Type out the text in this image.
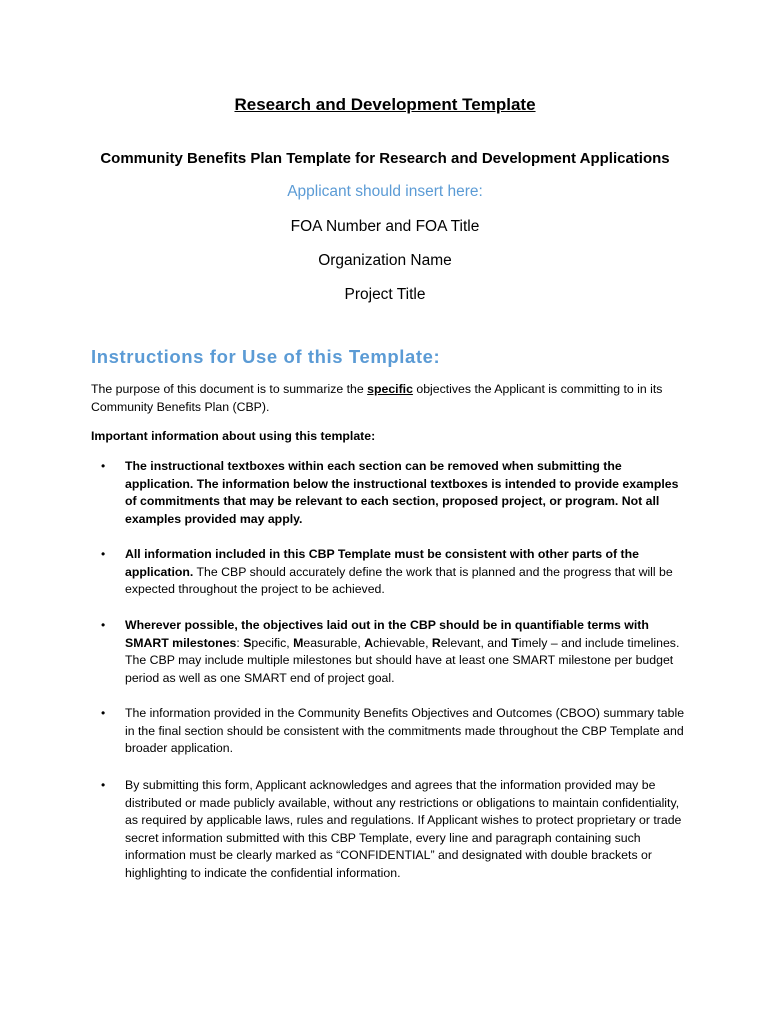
Research and Development Template
Community Benefits Plan Template for Research and Development Applications
Applicant should insert here:
FOA Number and FOA Title
Organization Name
Project Title
Instructions for Use of this Template:
The purpose of this document is to summarize the specific objectives the Applicant is committing to in its Community Benefits Plan (CBP).
Important information about using this template:
•	The instructional textboxes within each section can be removed when submitting the application. The information below the instructional textboxes is intended to provide examples of commitments that may be relevant to each section, proposed project, or program. Not all examples provided may apply.
•	All information included in this CBP Template must be consistent with other parts of the application. The CBP should accurately define the work that is planned and the progress that will be expected throughout the project to be achieved.
•	Wherever possible, the objectives laid out in the CBP should be in quantifiable terms with SMART milestones: Specific, Measurable, Achievable, Relevant, and Timely – and include timelines. The CBP may include multiple milestones but should have at least one SMART milestone per budget period as well as one SMART end of project goal.
•	The information provided in the Community Benefits Objectives and Outcomes (CBOO) summary table in the final section should be consistent with the commitments made throughout the CBP Template and broader application.
•	By submitting this form, Applicant acknowledges and agrees that the information provided may be distributed or made publicly available, without any restrictions or obligations to maintain confidentiality, as required by applicable laws, rules and regulations. If Applicant wishes to protect proprietary or trade secret information submitted with this CBP Template, every line and paragraph containing such information must be clearly marked as “CONFIDENTIAL” and designated with double brackets or highlighting to indicate the confidential information.
